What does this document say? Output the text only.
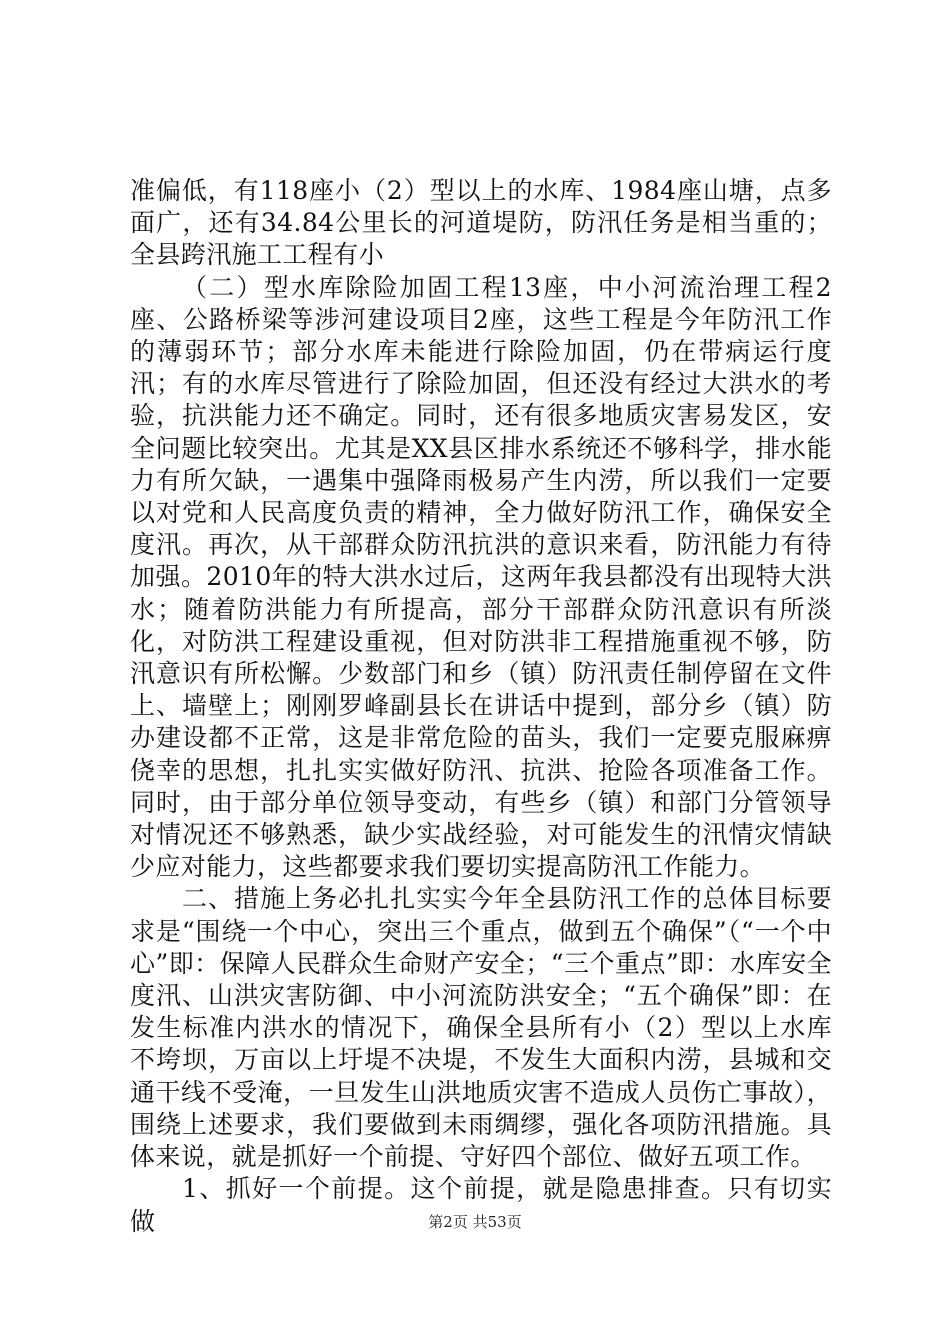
准偏低，有118座小（2）型以上的水库、1984座山塘，点多面广，还有34.84公里长的河道堤防，防汛任务是相当重的；全县跨汛施工工程有小

（二）型水库除险加固工程13座，中小河流治理工程2座、公路桥梁等涉河建设项目2座，这些工程是今年防汛工作的薄弱环节；部分水库未能进行除险加固，仍在带病运行度汛；有的水库尽管进行了除险加固，但还没有经过大洪水的考验，抗洪能力还不确定。同时，还有很多地质灾害易发区，安全问题比较突出。尤其是XX县区排水系统还不够科学，排水能力有所欠缺，一遇集中强降雨极易产生内涝，所以我们一定要以对党和人民高度负责的精神，全力做好防汛工作，确保安全度汛。再次，从干部群众防汛抗洪的意识来看，防汛能力有待加强。2010年的特大洪水过后，这两年我县都没有出现特大洪水；随着防洪能力有所提高，部分干部群众防汛意识有所淡化，对防洪工程建设重视，但对防洪非工程措施重视不够，防汛意识有所松懈。少数部门和乡（镇）防汛责任制停留在文件上、墙壁上；刚刚罗峰副县长在讲话中提到，部分乡（镇）防办建设都不正常，这是非常危险的苗头，我们一定要克服麻痹侥幸的思想，扎扎实实做好防汛、抗洪、抢险各项准备工作。同时，由于部分单位领导变动，有些乡（镇）和部门分管领导对情况还不够熟悉，缺少实战经验，对可能发生的汛情灾情缺少应对能力，这些都要求我们要切实提高防汛工作能力。

二、措施上务必扎扎实实今年全县防汛工作的总体目标要求是“围绕一个中心，突出三个重点，做到五个确保”（“一个中心”即：保障人民群众生命财产安全；“三个重点”即：水库安全度汛、山洪灾害防御、中小河流防洪安全；“五个确保”即：在发生标准内洪水的情况下，确保全县所有小（2）型以上水库不垮坝，万亩以上圩堤不决堤，不发生大面积内涝，县城和交通干线不受淹，一旦发生山洪地质灾害不造成人员伤亡事故），围绕上述要求，我们要做到未雨绸缪，强化各项防汛措施。具体来说，就是抓好一个前提、守好四个部位、做好五项工作。

1、抓好一个前提。这个前提，就是隐患排查。只有切实做	第2页 共53页
